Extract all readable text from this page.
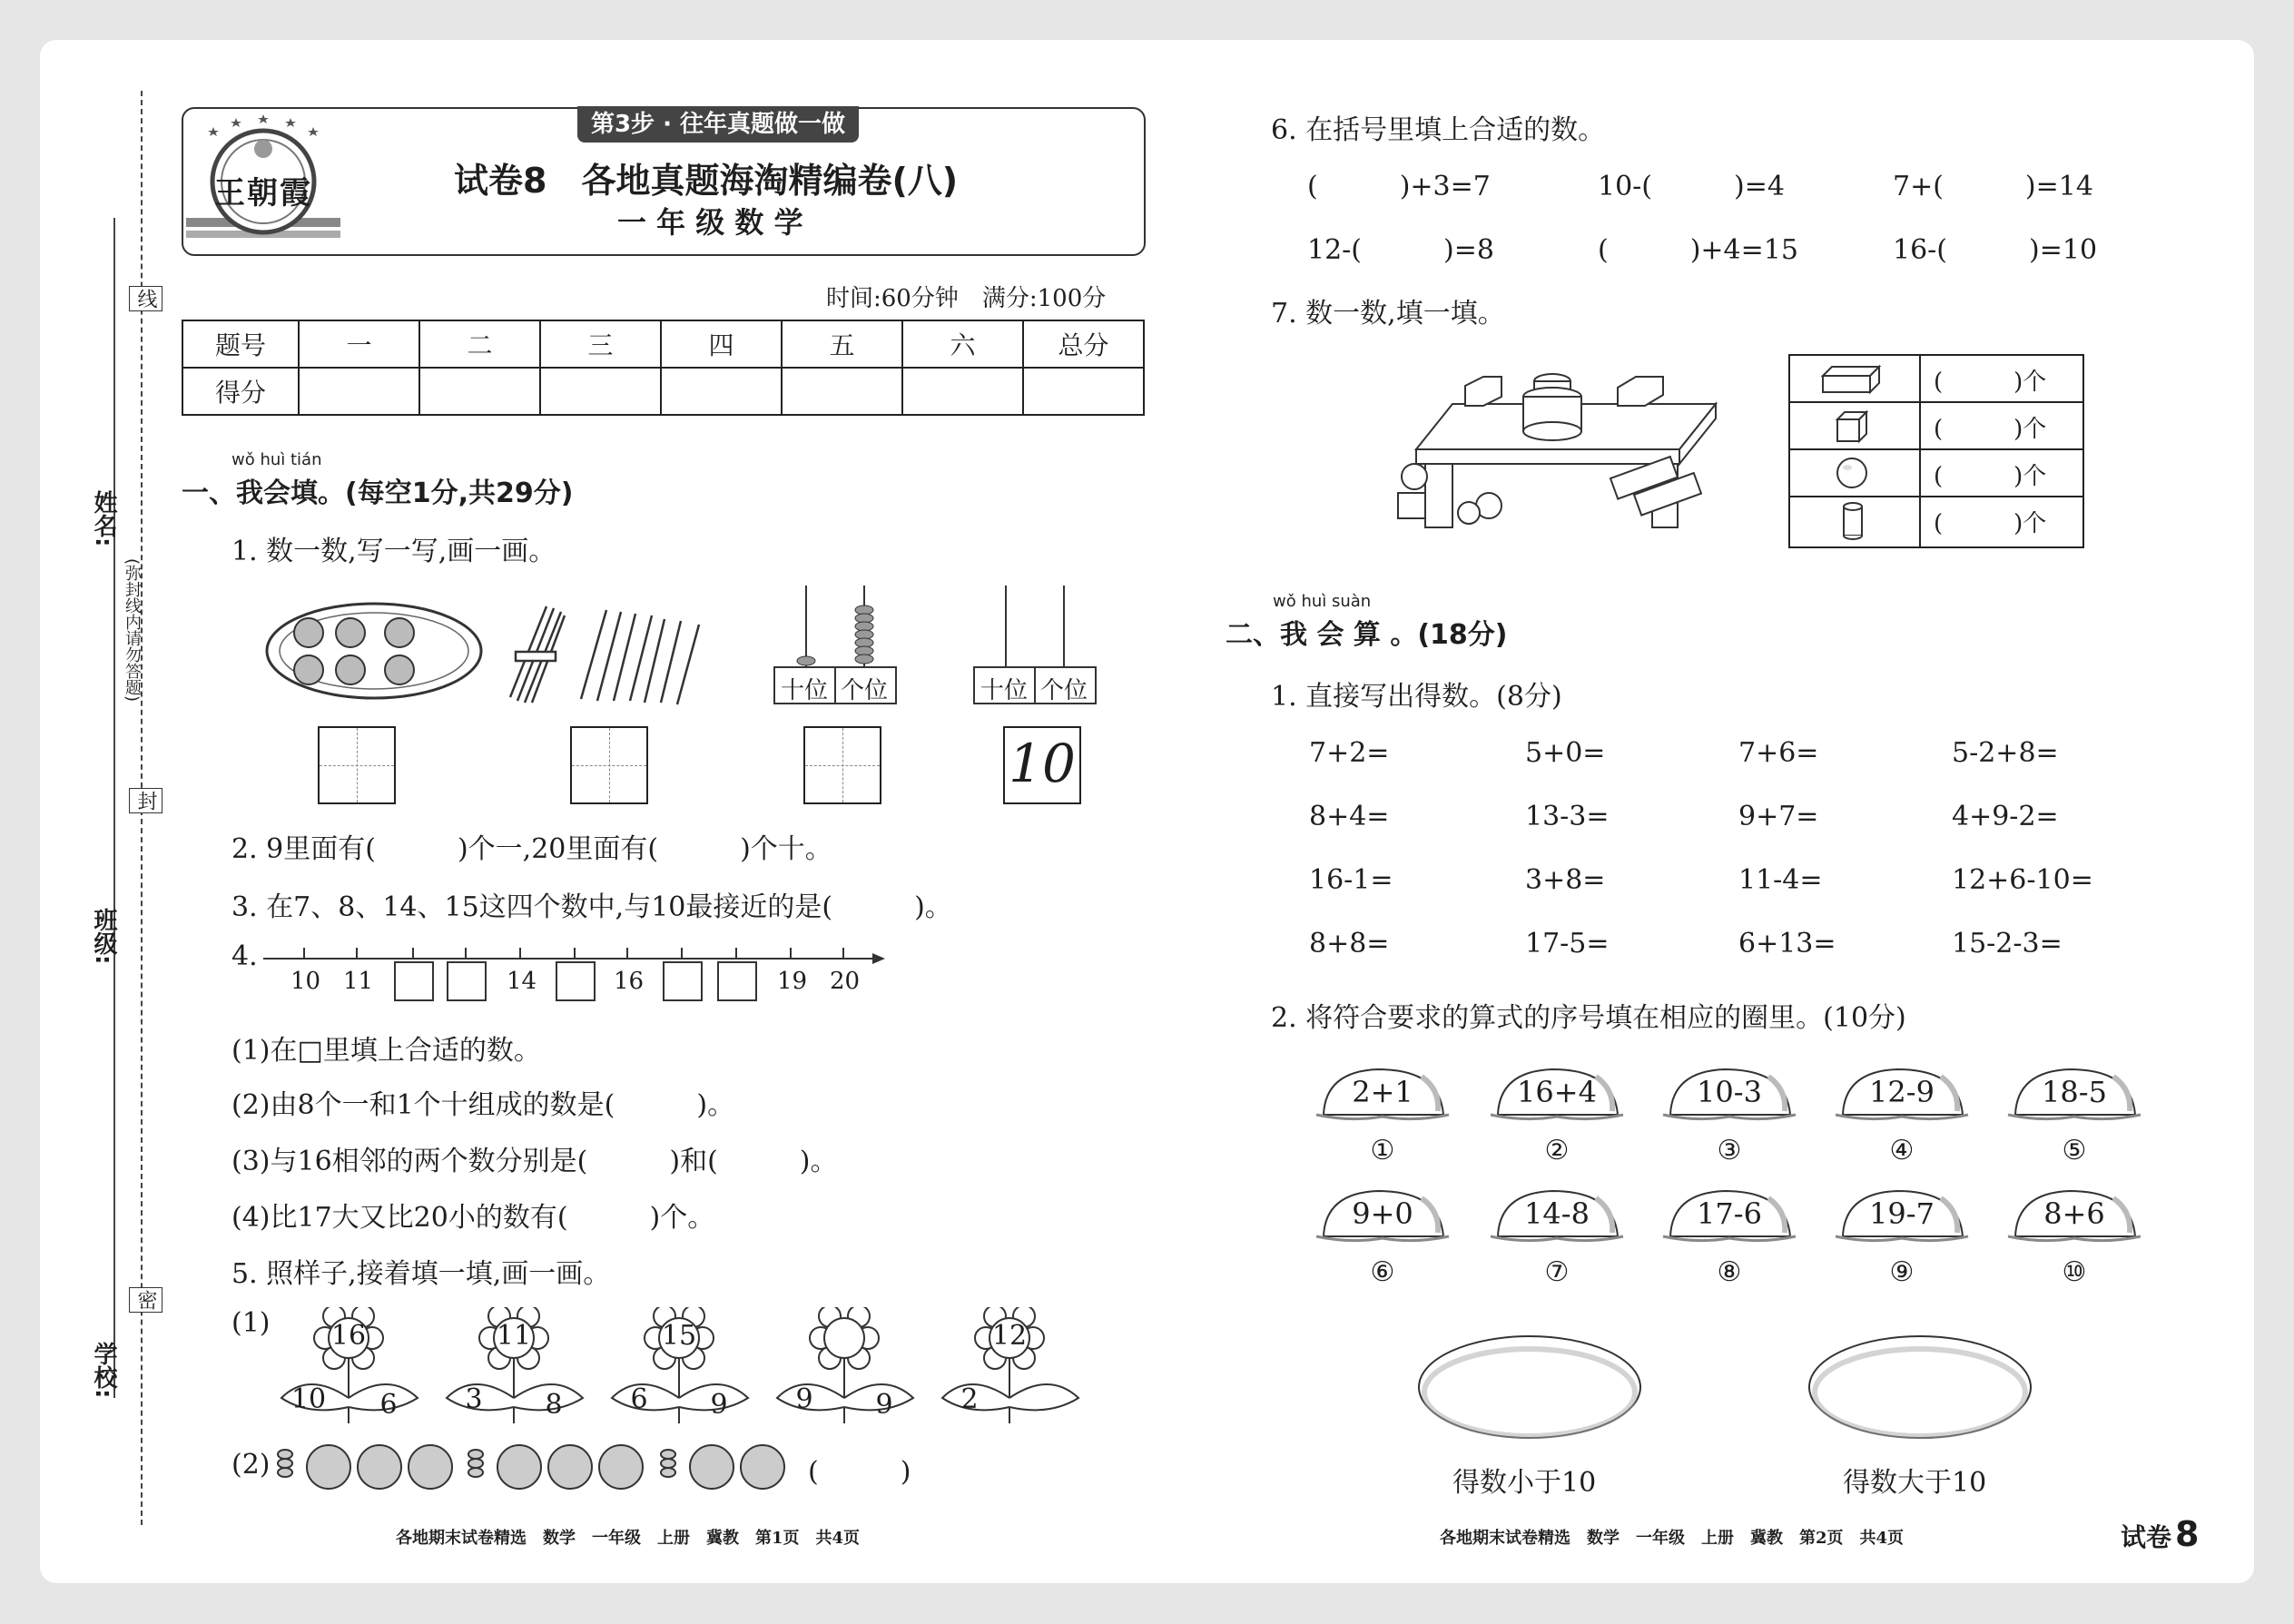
线
封
密
(弥封线内请勿答题)
姓名:
班级:
学校:
第3步 · 往年真题做一做
王朝霞	试卷8　各地真题海淘精编卷(八)
一 年 级 数 学
时间:60分钟　满分:100分
题号	一	二	三	四	五	六	总分
得分							
wǒ huì tián
一、我会填。(每空1分,共29分)
1. 数一数,写一写,画一画。
十位 个位	十位 个位
10
2. 9里面有(　　　)个一,20里面有(　　　)个十。
3. 在7、8、14、15这四个数中,与10最接近的是(　　　)。
4.
10 11	14	16	19 20
(1)在□里填上合适的数。
(2)由8个一和1个十组成的数是(　　　)。
(3)与16相邻的两个数分别是(　　　)和(　　　)。
(4)比17大又比20小的数有(　　　)个。
5. 照样子,接着填一填,画一画。
(1) 16
10	6
11
3	8
15
6	9	9	9
12
2
(2)	(　　　)
各地期末试卷精选　数学　一年级　上册　冀教　第1页　共4页
6. 在括号里填上合适的数。
(　　　)+3=7	10-(　　　)=4	7+(　　　)=14
12-(　　　)=8	(　　　)+4=15	16-(　　　)=10
7. 数一数,填一填。
(　　　)个
(　　　)个
(　　　)个
(　　　)个
wǒ huì suàn
二、我 会 算 。(18分)
1. 直接写出得数。(8分)
7+2=	5+0=	7+6=	5-2+8=
8+4=	13-3=	9+7=	4+9-2=
16-1=	3+8=	11-4=	12+6-10=
8+8=	17-5=	6+13=	15-2-3=
2. 将符合要求的算式的序号填在相应的圈里。(10分)
2+1
①
16+4
②
10-3
③
12-9
④
18-5
⑤
9+0
⑥
14-8
⑦
17-6
⑧
19-7
⑨
8+6
⑩
得数小于10	得数大于10
各地期末试卷精选　数学　一年级　上册　冀教　第2页　共4页	试卷 8
